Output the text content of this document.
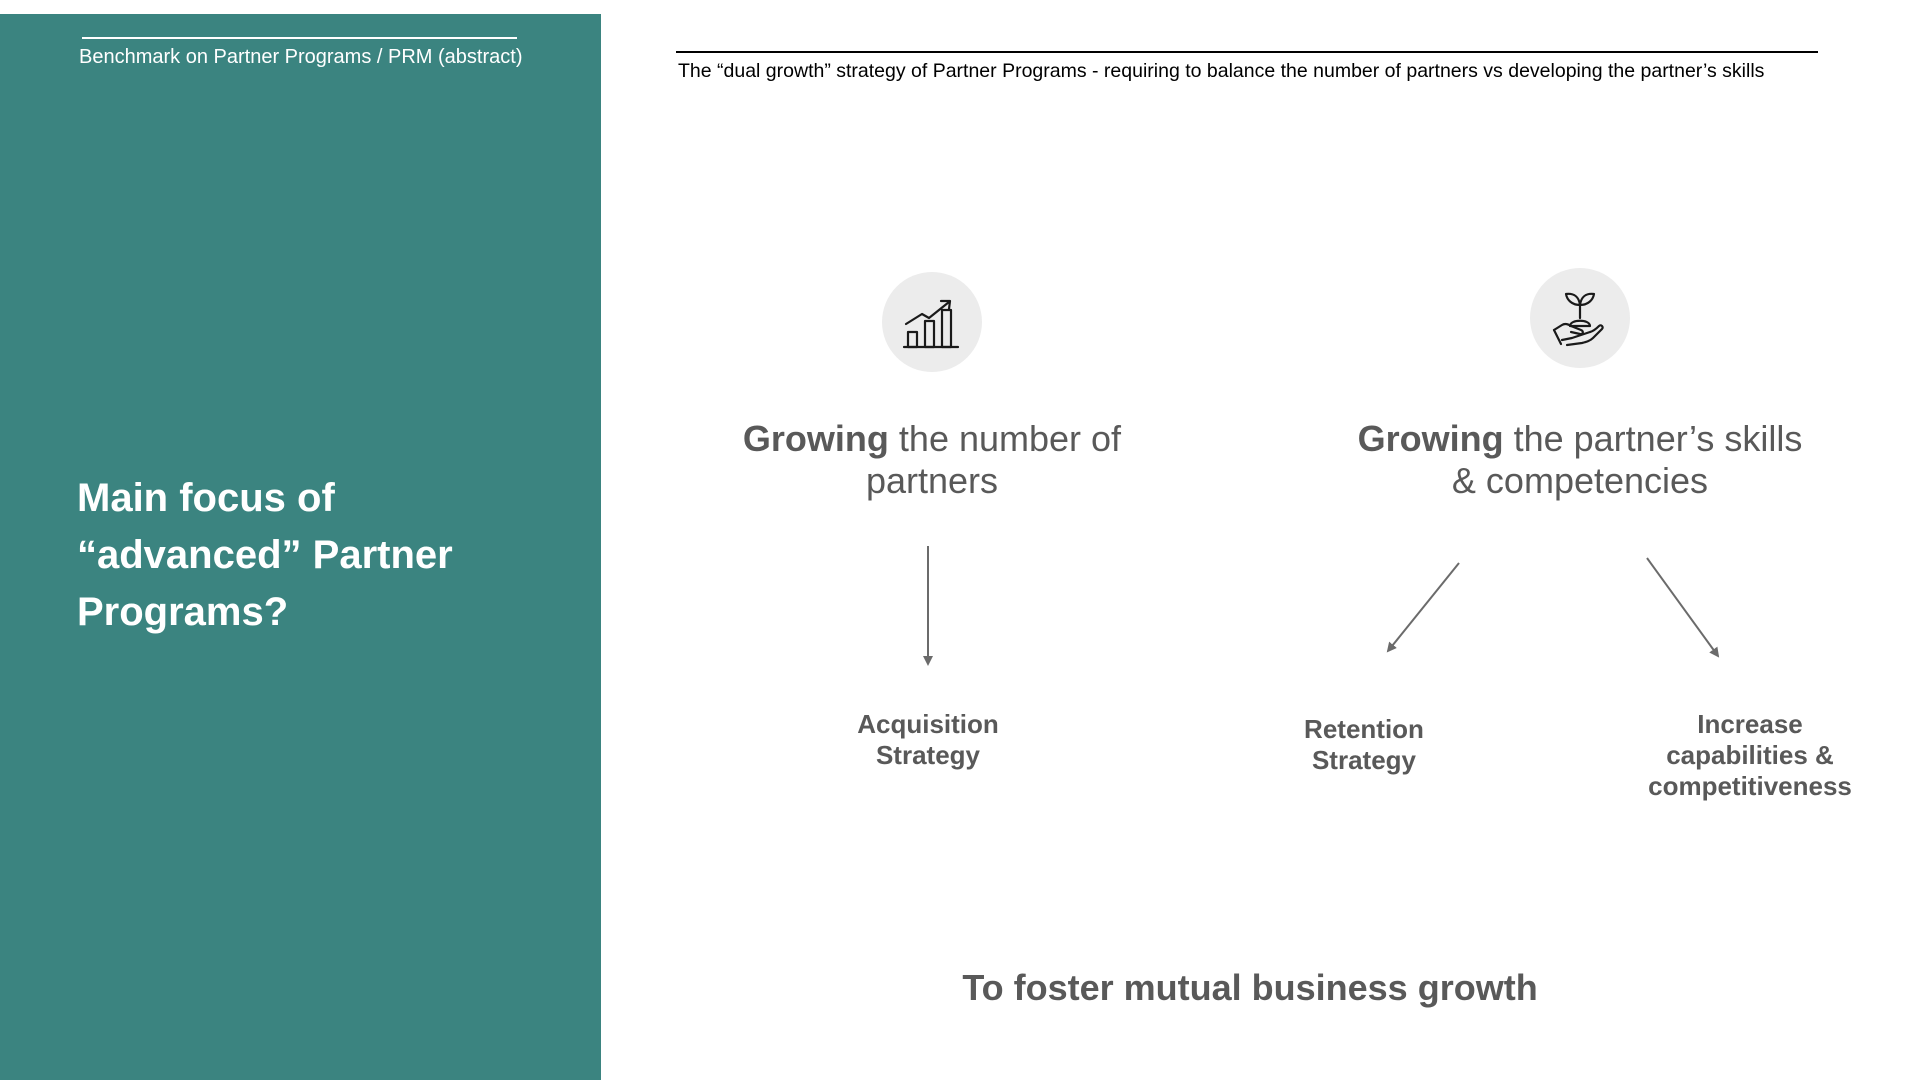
Benchmark on Partner Programs / PRM (abstract)
Main focus of
“advanced” Partner
Programs?
The “dual growth” strategy of Partner Programs - requiring to balance the number of partners vs developing the partner’s skills
Growing the number of
partners
Growing the partner’s skills
& competencies
Acquisition
Strategy
Retention
Strategy
Increase
capabilities &
competitiveness
To foster mutual business growth
